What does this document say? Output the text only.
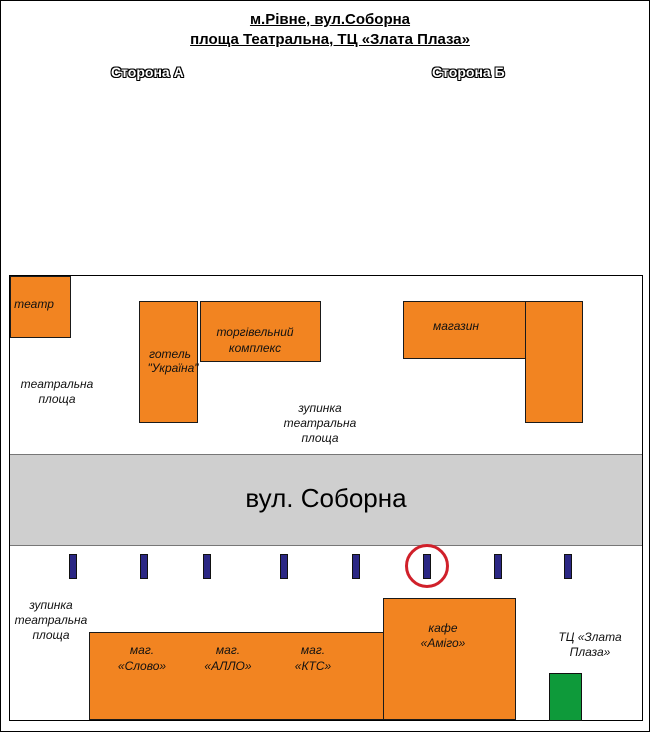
м.Рівне, вул.Соборна
площа Театральна, ТЦ «Злата Плаза»
Сторона А	Сторона Б
театр
готель
"Україна"
торгівельний
комплекс
магазин
театральна
площа
зупинка
театральна
площа
вул. Соборна
зупинка
театральна
площа
маг.
«Слово»
маг.
«АЛЛО»
маг.
«КТС»
кафе
«Аміго»	ТЦ «Злата
Плаза»
